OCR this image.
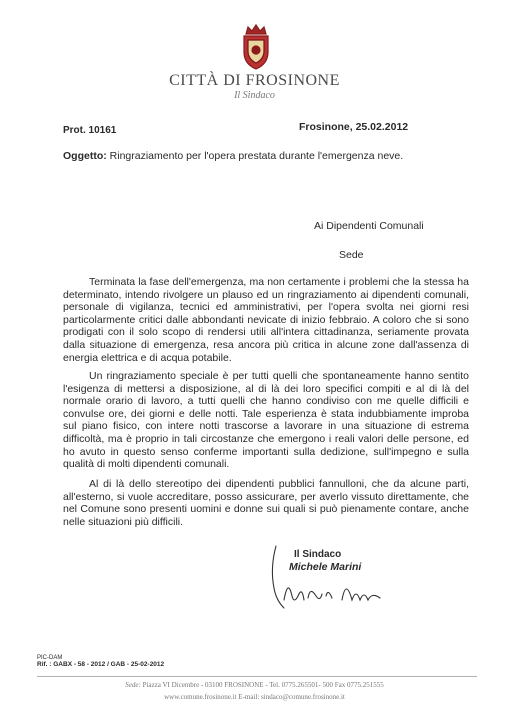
CITTÀ DI FROSINONE
Il Sindaco
Prot. 10161	Frosinone, 25.02.2012
Oggetto: Ringraziamento per l'opera prestata durante l'emergenza neve.
Ai Dipendenti Comunali
Sede

Terminata la fase dell'emergenza, ma non certamente i problemi che la stessa ha determinato, intendo rivolgere un plauso ed un ringraziamento ai dipendenti comunali, personale di vigilanza, tecnici ed amministrativi, per l'opera svolta nei giorni resi particolarmente critici dalle abbondanti nevicate di inizio febbraio. A coloro che si sono prodigati con il solo scopo di rendersi utili all'intera cittadinanza, seriamente provata dalla situazione di emergenza, resa ancora più critica in alcune zone dall'assenza di energia elettrica e di acqua potabile.

Un ringraziamento speciale è per tutti quelli che spontaneamente hanno sentito l'esigenza di mettersi a disposizione, al di là dei loro specifici compiti e al di là del normale orario di lavoro, a tutti quelli che hanno condiviso con me quelle difficili e convulse ore, dei giorni e delle notti. Tale esperienza è stata indubbiamente improba sul piano fisico, con intere notti trascorse a lavorare in una situazione di estrema difficoltà, ma è proprio in tali circostanze che emergono i reali valori delle persone, ed ho avuto in questo senso conferme importanti sulla dedizione, sull'impegno e sulla qualità di molti dipendenti comunali.

Al di là dello stereotipo dei dipendenti pubblici fannulloni, che da alcune parti, all'esterno, si vuole accreditare, posso assicurare, per averlo vissuto direttamente, che nel Comune sono presenti uomini e donne sui quali si può pienamente contare, anche nelle situazioni più difficili.

Il Sindaco
Michele Marini
PIC-DAM
Rif. : GABX - 58 - 2012 / GAB - 25-02-2012
Sede: Piazza VI Dicembre - 03100 FROSINONE - Tel. 0775.265501- 500 Fax 0775.251555
www.comune.frosinone.it E-mail: sindaco@comune.frosinone.it
